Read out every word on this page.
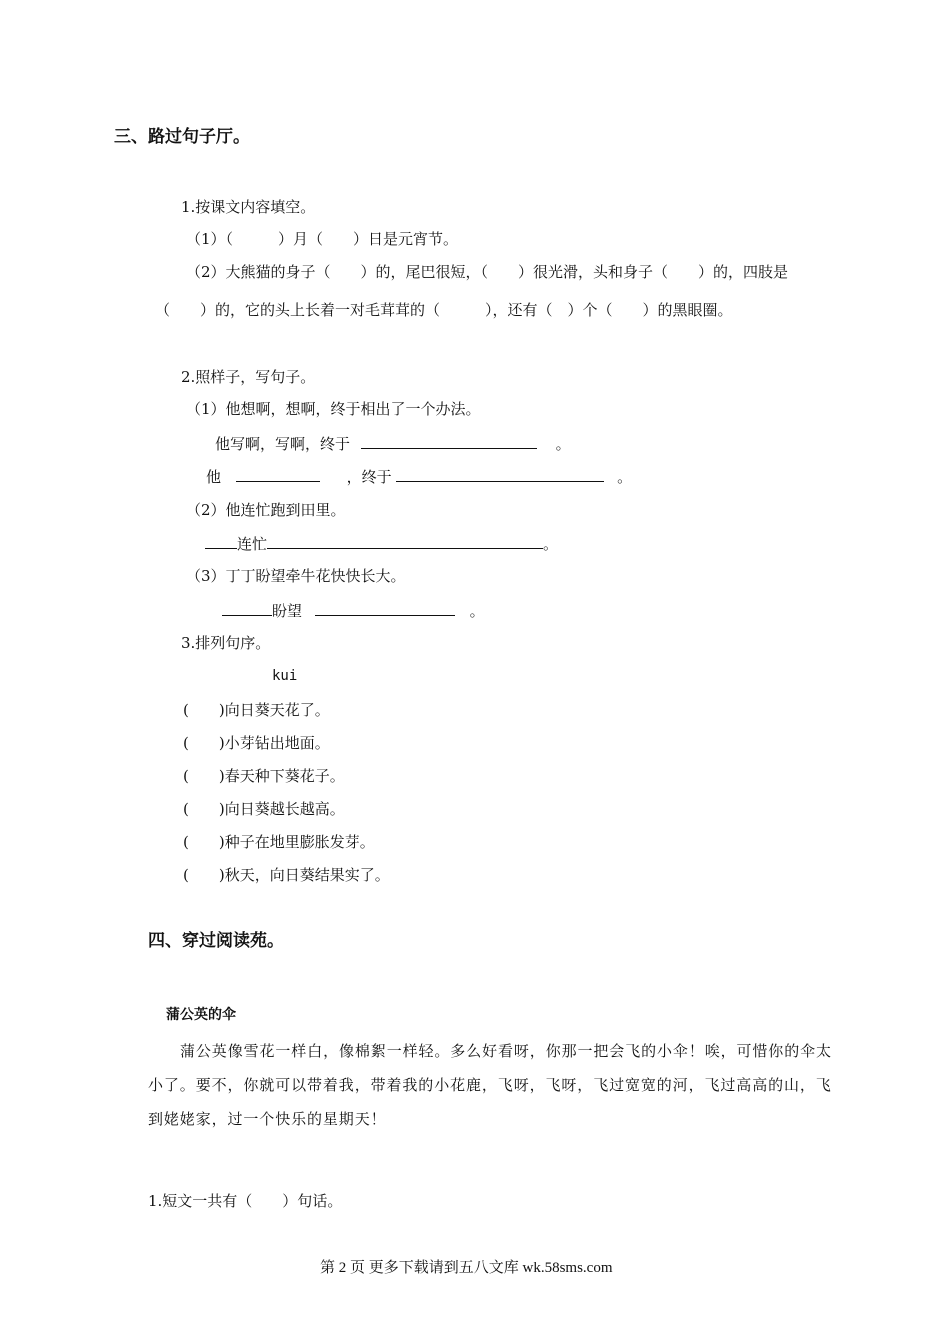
三、路过句子厅。
1.按课文内容填空。
（1）（　　　）月（　　）日是元宵节。
（2）大熊猫的身子（　　）的，尾巴很短，（　　）很光滑，头和身子（　　）的，四肢是
（　　）的，它的头上长着一对毛茸茸的（　　　），还有（　）个（　　）的黑眼圈。
2.照样子，写句子。
（1）他想啊，想啊，终于相出了一个办法。
他写啊，写啊，终于	。
他	，终于	。
（2）他连忙跑到田里。
连忙	。
（3）丁丁盼望牵牛花快快长大。
盼望	。
3.排列句序。
kui
(　　)向日葵天花了。
(　　)小芽钻出地面。
(　　)春天种下葵花子。
(　　)向日葵越长越高。
(　　)种子在地里膨胀发芽。
(　　)秋天，向日葵结果实了。
四、穿过阅读苑。
蒲公英的伞
蒲公英像雪花一样白，像棉絮一样轻。多么好看呀，你那一把会飞的小伞！唉，可惜你的伞太小了。要不，你就可以带着我，带着我的小花鹿，飞呀，飞呀，飞过宽宽的河，飞过高高的山，飞到姥姥家，过一个快乐的星期天！
1.短文一共有（　　）句话。
第 2 页 更多下载请到五八文库 wk.58sms.com
